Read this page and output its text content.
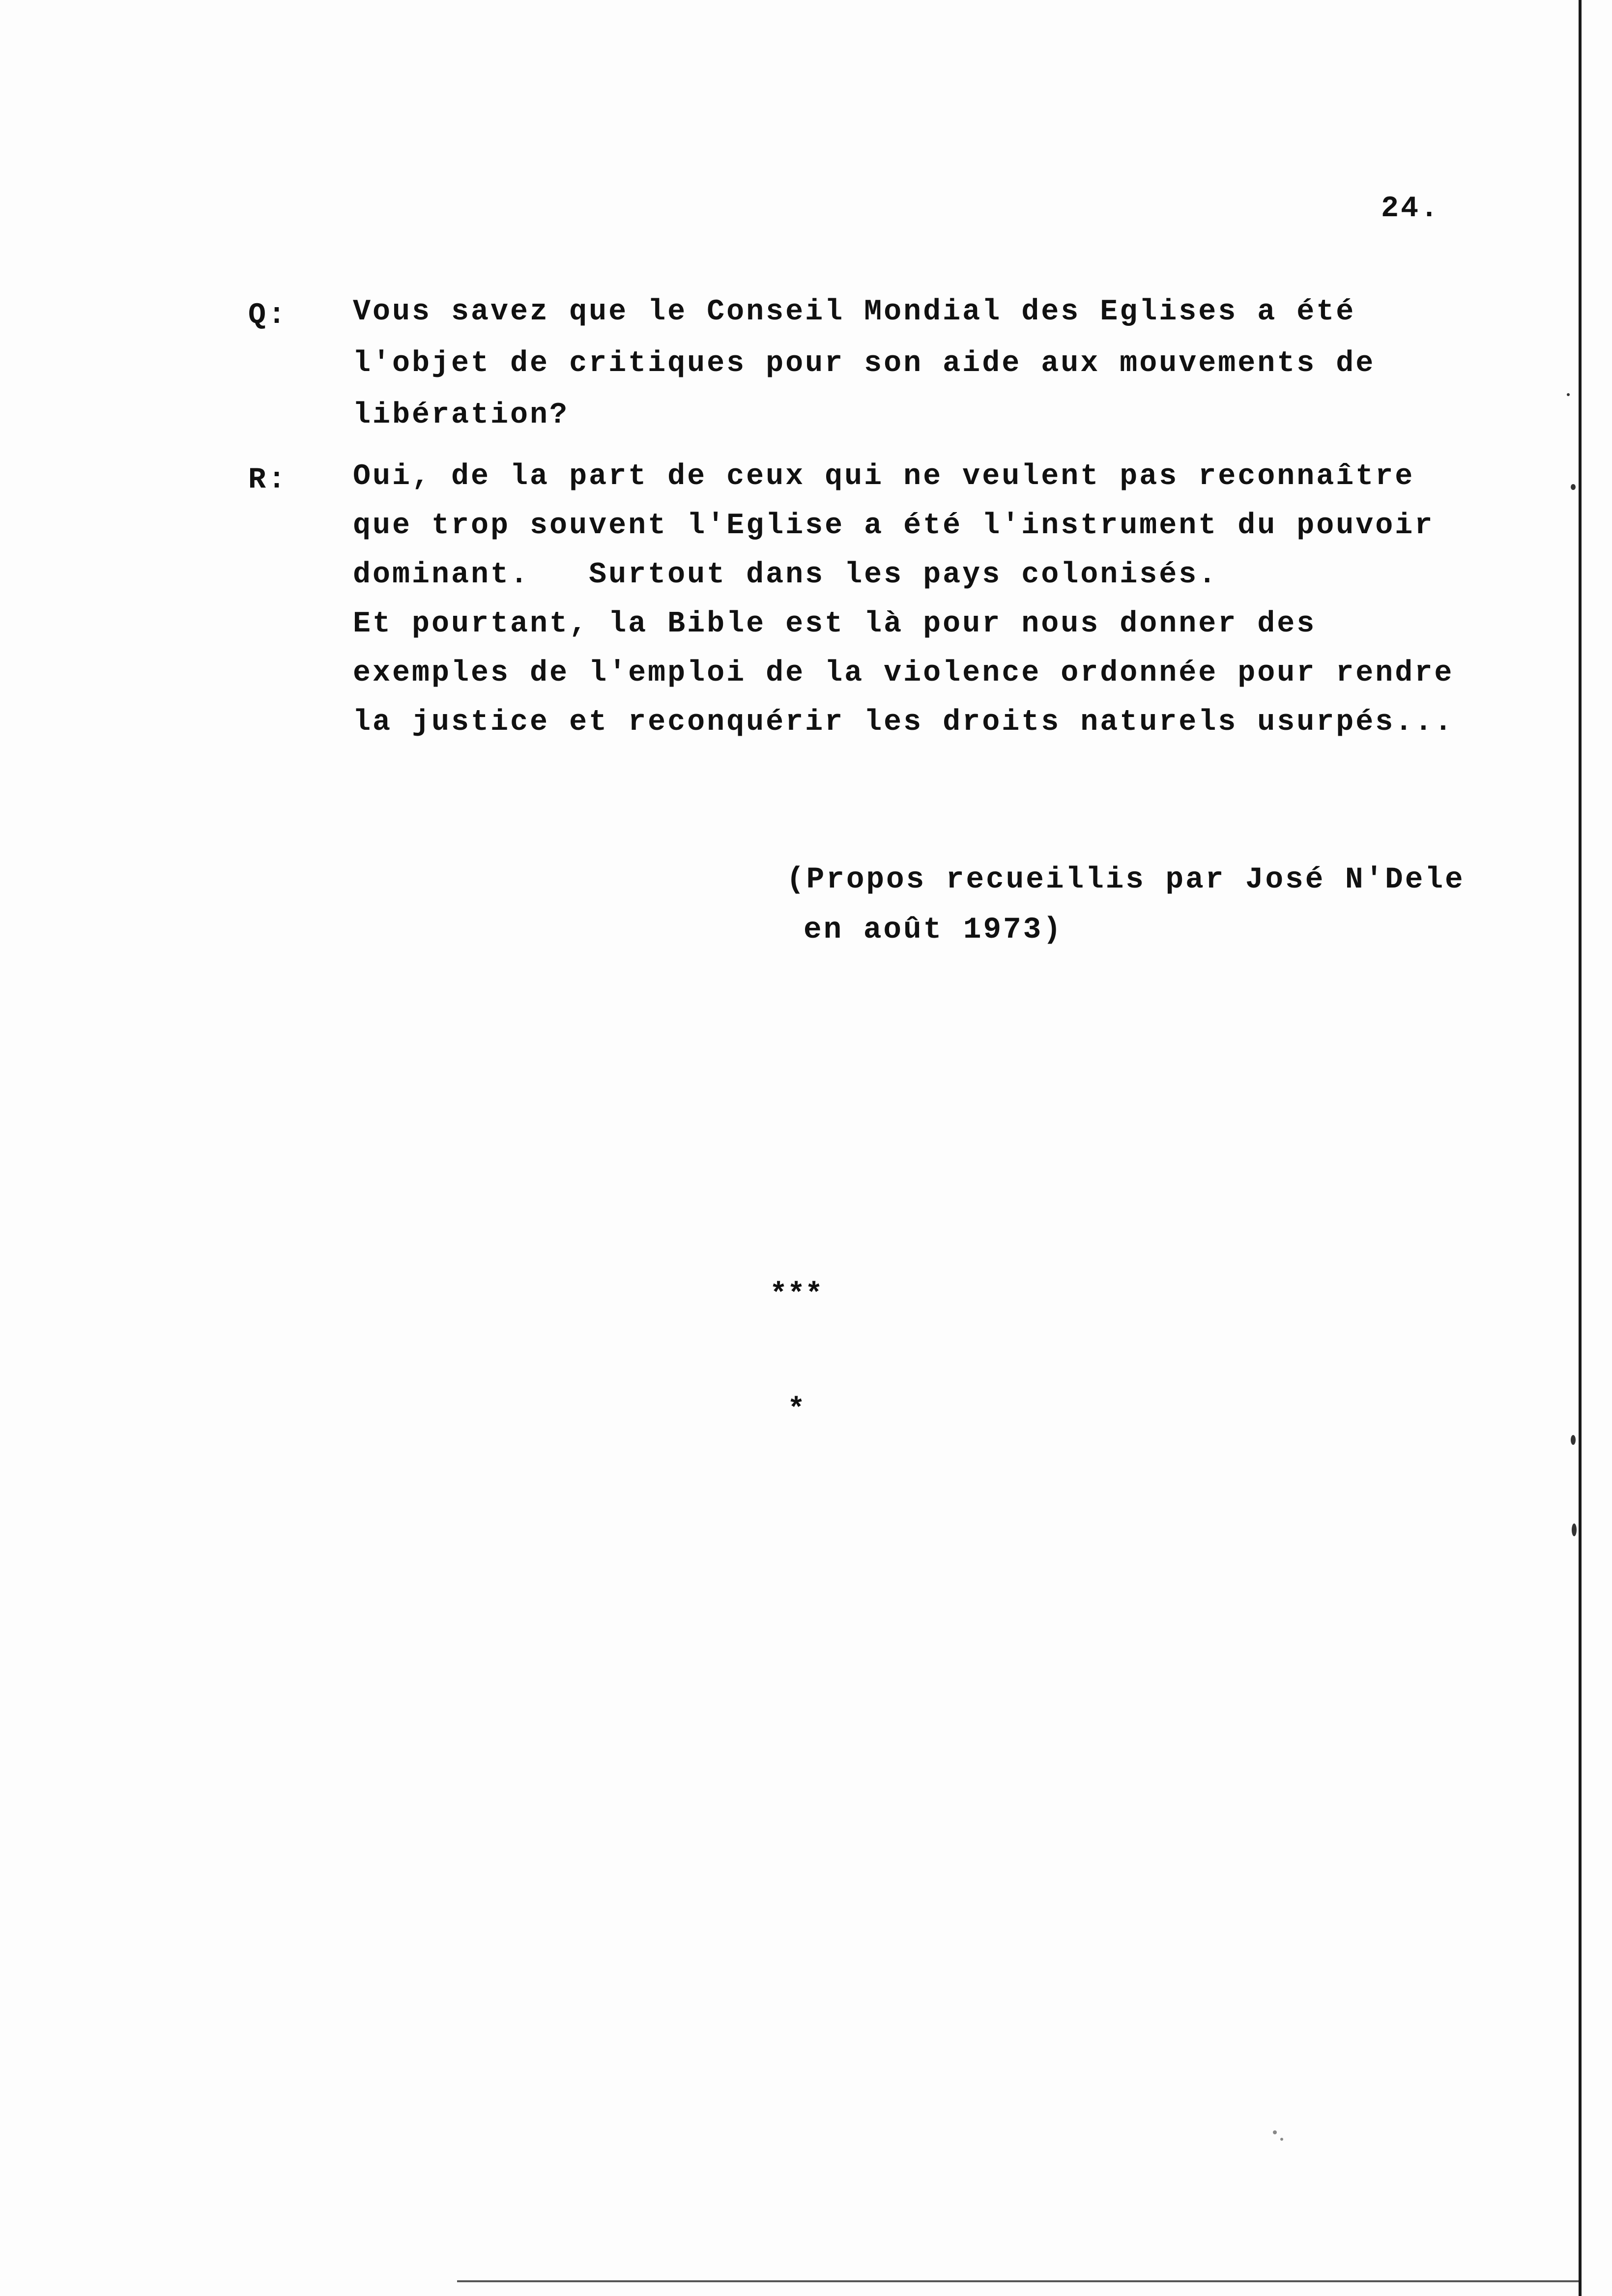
24.
Q: Vous savez que le Conseil Mondial des Eglises a été
l'objet de critiques pour son aide aux mouvements de
libération?
R: Oui, de la part de ceux qui ne veulent pas reconnaître
que trop souvent l'Eglise a été l'instrument du pouvoir
dominant.   Surtout dans les pays colonisés.
Et pourtant, la Bible est là pour nous donner des
exemples de l'emploi de la violence ordonnée pour rendre
la justice et reconquérir les droits naturels usurpés...
(Propos recueillis par José N'Dele
en août 1973)

***

*
